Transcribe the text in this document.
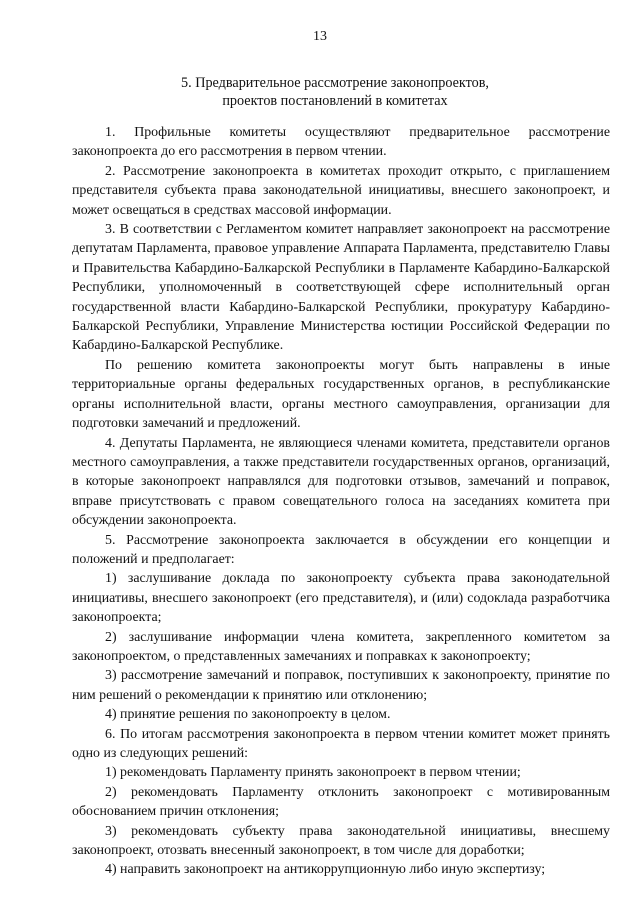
13
5. Предварительное рассмотрение законопроектов,
проектов постановлений в комитетах

1. Профильные комитеты осуществляют предварительное рассмотрение законопроекта до его рассмотрения в первом чтении.

2. Рассмотрение законопроекта в комитетах проходит открыто, с приглашением представителя субъекта права законодательной инициативы, внесшего законопроект, и может освещаться в средствах массовой информации.

3. В соответствии с Регламентом комитет направляет законопроект на рассмотрение депутатам Парламента, правовое управление Аппарата Парламента, представителю Главы и Правительства Кабардино-Балкарской Республики в Парламенте Кабардино-Балкарской Республики, уполномоченный в соответствующей сфере исполнительный орган государственной власти Кабардино-Балкарской Республики, прокуратуру Кабардино-Балкарской Республики, Управление Министерства юстиции Российской Федерации по Кабардино-Балкарской Республике.

По решению комитета законопроекты могут быть направлены в иные территориальные органы федеральных государственных органов, в республиканские органы исполнительной власти, органы местного самоуправления, организации для подготовки замечаний и предложений.

4. Депутаты Парламента, не являющиеся членами комитета, представители органов местного самоуправления, а также представители государственных органов, организаций, в которые законопроект направлялся для подготовки отзывов, замечаний и поправок, вправе присутствовать с правом совещательного голоса на заседаниях комитета при обсуждении законопроекта.

5. Рассмотрение законопроекта заключается в обсуждении его концепции и положений и предполагает:

1) заслушивание доклада по законопроекту субъекта права законодательной инициативы, внесшего законопроект (его представителя), и (или) содоклада разработчика законопроекта;

2) заслушивание информации члена комитета, закрепленного комитетом за законопроектом, о представленных замечаниях и поправках к законопроекту;

3) рассмотрение замечаний и поправок, поступивших к законопроекту, принятие по ним решений о рекомендации к принятию или отклонению;

4) принятие решения по законопроекту в целом.

6. По итогам рассмотрения законопроекта в первом чтении комитет может принять одно из следующих решений:

1) рекомендовать Парламенту принять законопроект в первом чтении;

2) рекомендовать Парламенту отклонить законопроект с мотивированным обоснованием причин отклонения;

3) рекомендовать субъекту права законодательной инициативы, внесшему законопроект, отозвать внесенный законопроект, в том числе для доработки;

4) направить законопроект на антикоррупционную либо иную экспертизу;
